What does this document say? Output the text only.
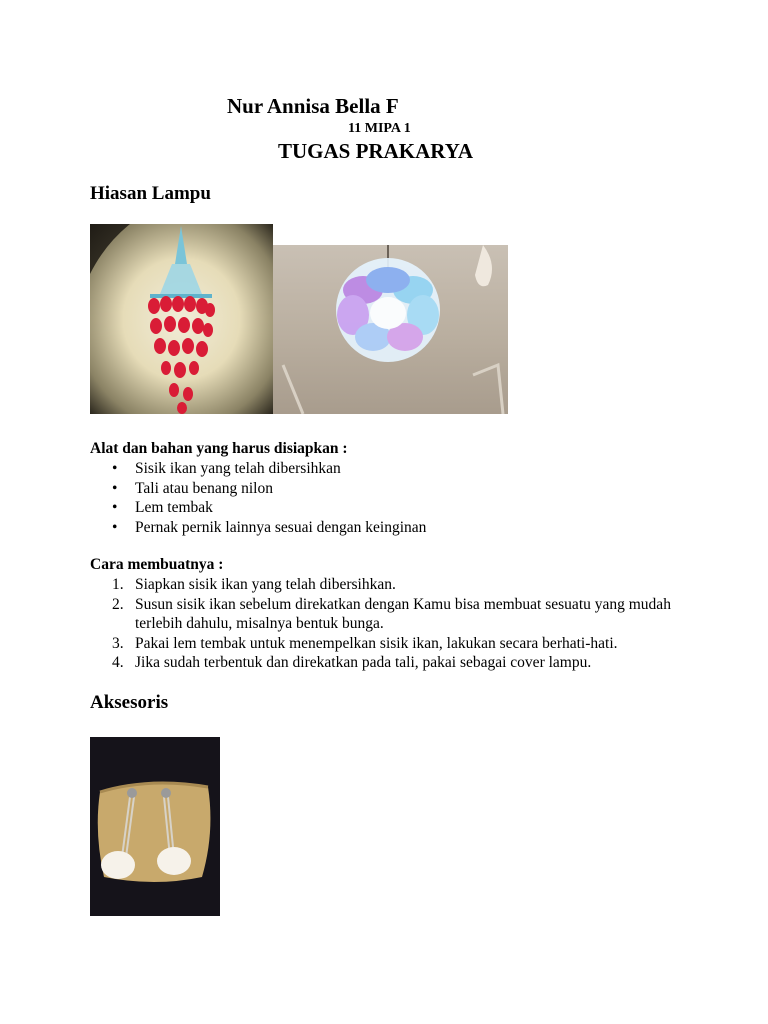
Nur Annisa Bella F
11 MIPA 1
TUGAS PRAKARYA
Hiasan Lampu
Alat dan bahan yang harus disiapkan :
• Sisik ikan yang telah dibersihkan
• Tali atau benang nilon
• Lem tembak
• Pernak pernik lainnya sesuai dengan keinginan
Cara membuatnya :
1. Siapkan sisik ikan yang telah dibersihkan.
2. Susun sisik ikan sebelum direkatkan dengan Kamu bisa membuat sesuatu yang mudah terlebih dahulu, misalnya bentuk bunga.
3. Pakai lem tembak untuk menempelkan sisik ikan, lakukan secara berhati-hati.
4. Jika sudah terbentuk dan direkatkan pada tali, pakai sebagai cover lampu.
Aksesoris
